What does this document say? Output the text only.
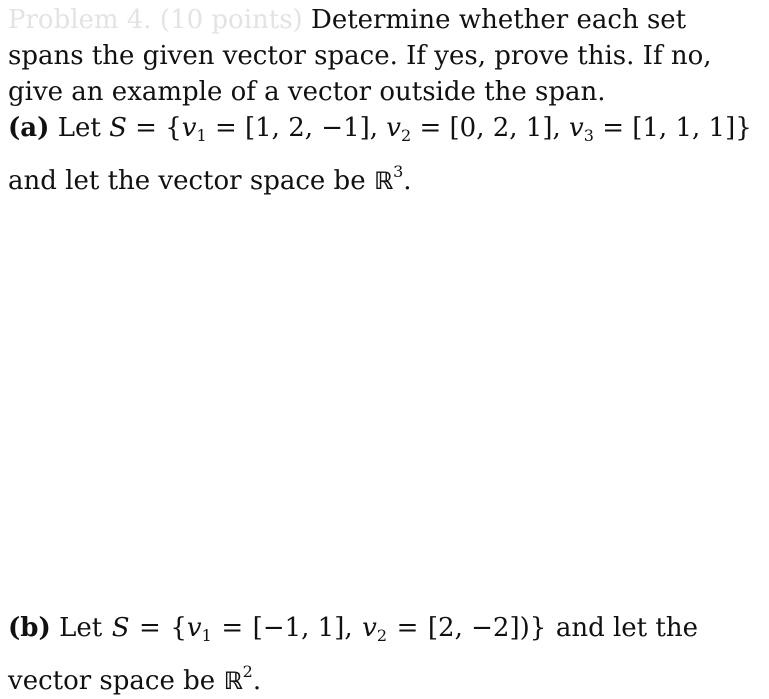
Problem 4. (10 points) Determine whether each set
spans the given vector space. If yes, prove this. If no,
give an example of a vector outside the span.
(a) Let $S = \{v_1 = [1$, 2, −1], $v_2 = [0$, 2, 1], $v_3 = [1$, 1, 1]}
and let the vector space be ℝ$^3$.
(b) Let $S = \{v_1 = [-1$, 1], $v_2 = [2$, −2])} and let the
vector space be ℝ$^2$.
